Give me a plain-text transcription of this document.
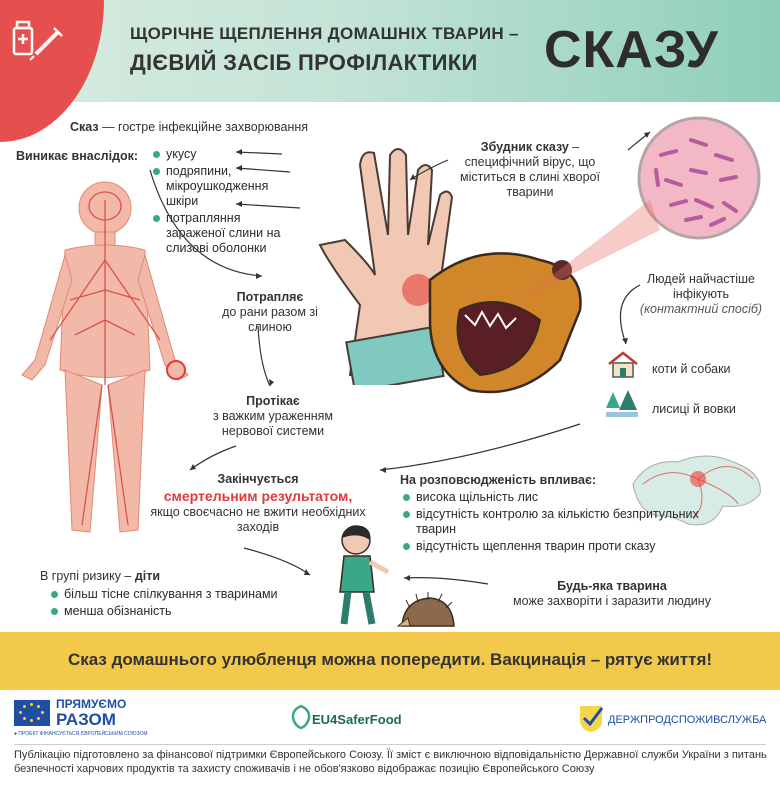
ЩОРІЧНЕ ЩЕПЛЕННЯ ДОМАШНІХ ТВАРИН –
ДІЄВИЙ ЗАСІБ ПРОФІЛАКТИКИ СКАЗУ
Сказ — гостре інфекційне захворювання
Виникає внаслідок:	укусу
подряпини, мікроушкодження шкіри
потрапляння зараженої слини на слизові оболонки
Збудник сказу – специфічний вірус, що міститься в слині хворої тварини
Потрапляє
до рани разом зі слиною
Протікає
з важким ураженням нервової системи
Закінчується
смертельним результатом,
якщо своєчасно не вжити необхідних заходів
Людей найчастіше інфікують
(контактний спосіб)
коти й собаки
лисиці й вовки
На розповсюдженість впливає:
висока щільність лис
відсутність контролю за кількістю безпритульних тварин
відсутність щеплення тварин проти сказу
В групі ризику – діти
більш тісне спілкування з тваринами
менша обізнаність
Будь-яка тварина
може захворіти і заразити людину
Сказ домашнього улюбленця можна попередити. Вакцинація – рятує життя!
ПРЯМУЄМО
РАЗОМ
● ПРОЕКТ ФІНАНСУЄТЬСЯ ЄВРОПЕЙСЬКИМ СОЮЗОМ
EU4SaferFood	ДЕРЖПРОДСПОЖИВСЛУЖБА
Публікацію підготовлено за фінансової підтримки Європейського Союзу. Її зміст є виключною відповідальністю Державної служби України з питань безпечності харчових продуктів та захисту споживачів і не обов'язково відображає позицію Європейського Союзу
